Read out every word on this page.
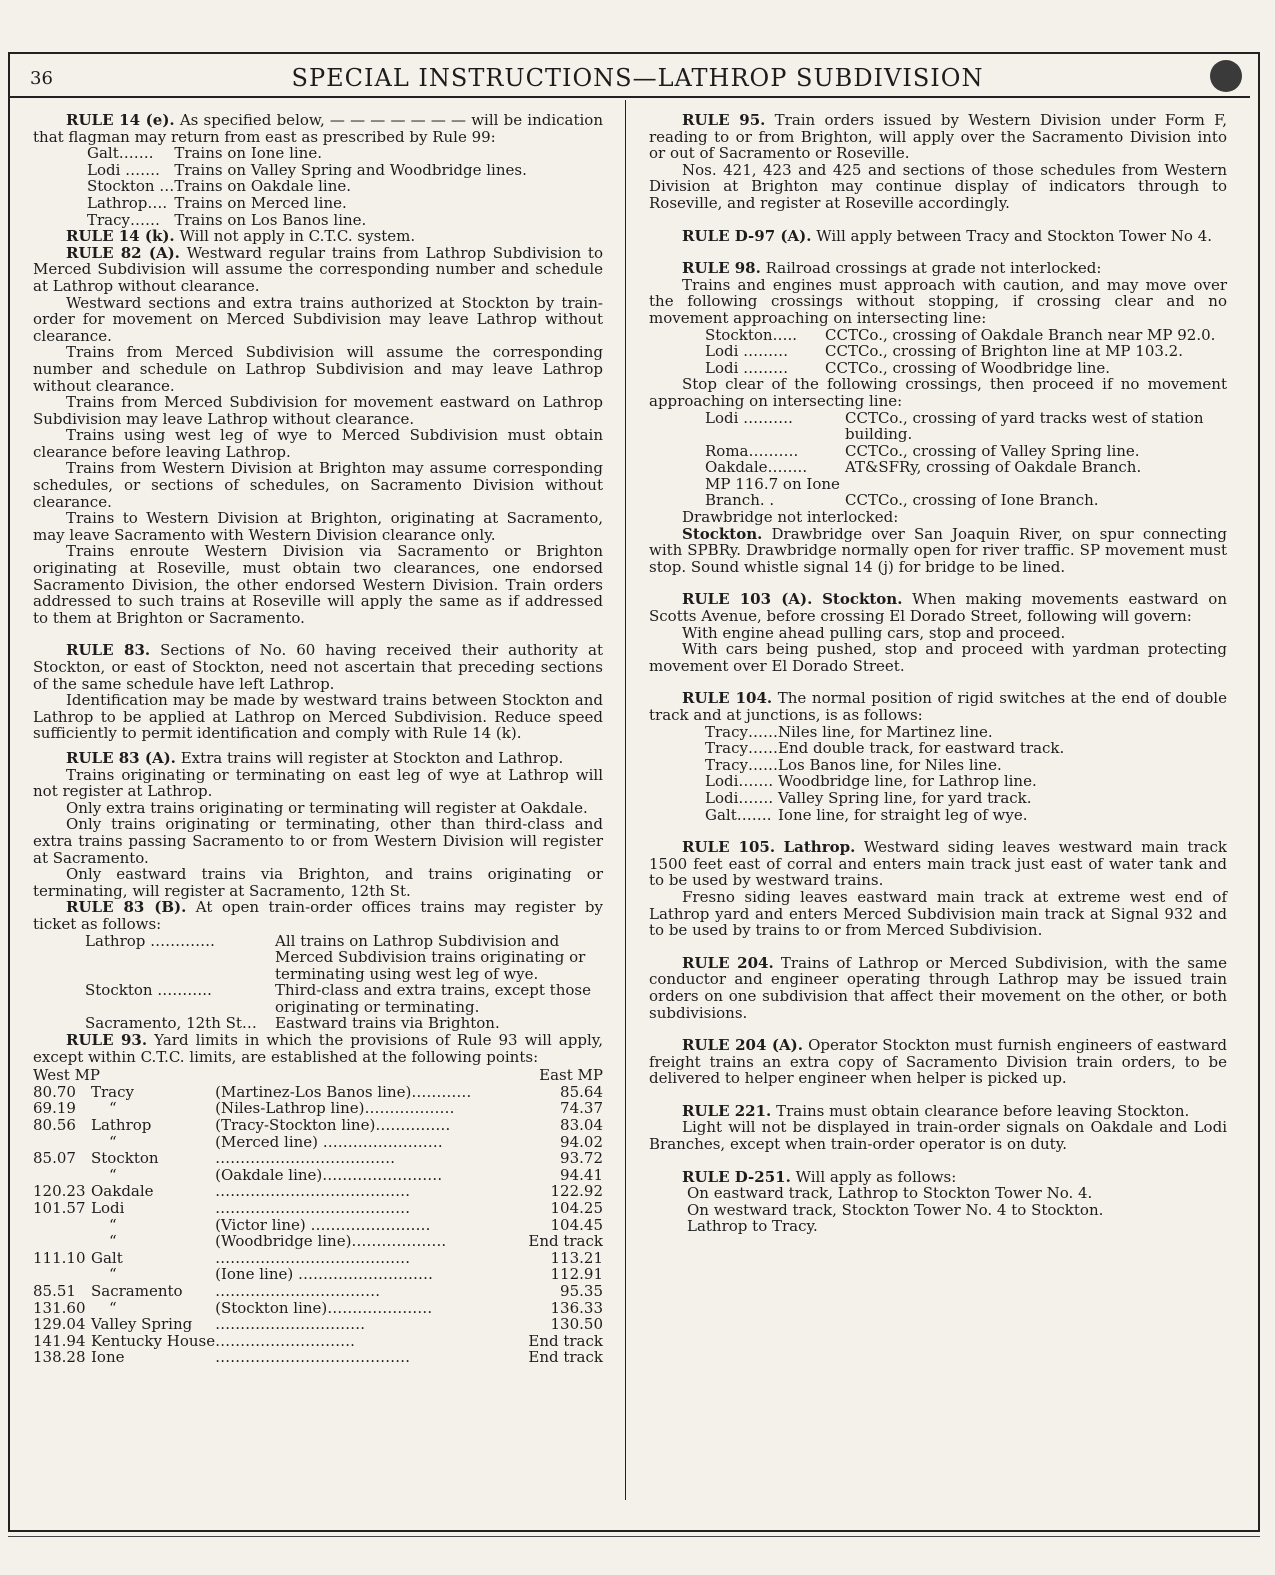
36	SPECIAL INSTRUCTIONS—LATHROP SUBDIVISION

RULE 14 (e). As specified below, — — — — — — — will be indication that flagman may return from east as prescribed by Rule 99:

Galt…….	Trains on Ione line.
Lodi …….	Trains on Valley Spring and Woodbridge lines.
Stockton …	Trains on Oakdale line.
Lathrop….	Trains on Merced line.
Tracy……	Trains on Los Banos line.

RULE 14 (k). Will not apply in C.T.C. system.

RULE 82 (A). Westward regular trains from Lathrop Subdivision to Merced Subdivision will assume the corresponding number and schedule at Lathrop without clearance.

Westward sections and extra trains authorized at Stockton by train-order for movement on Merced Subdivision may leave Lathrop without clearance.

Trains from Merced Subdivision will assume the corresponding number and schedule on Lathrop Subdivision and may leave Lathrop without clearance.

Trains from Merced Subdivision for movement eastward on Lathrop Subdivision may leave Lathrop without clearance.

Trains using west leg of wye to Merced Subdivision must obtain clearance before leaving Lathrop.

Trains from Western Division at Brighton may assume corresponding schedules, or sections of schedules, on Sacramento Division without clearance.

Trains to Western Division at Brighton, originating at Sacramento, may leave Sacramento with Western Division clearance only.

Trains enroute Western Division via Sacramento or Brighton originating at Roseville, must obtain two clearances, one endorsed Sacramento Division, the other endorsed Western Division. Train orders addressed to such trains at Roseville will apply the same as if addressed to them at Brighton or Sacramento.

RULE 83. Sections of No. 60 having received their authority at Stockton, or east of Stockton, need not ascertain that preceding sections of the same schedule have left Lathrop.

Identification may be made by westward trains between Stockton and Lathrop to be applied at Lathrop on Merced Subdivision. Reduce speed sufficiently to permit identification and comply with Rule 14 (k).

RULE 83 (A). Extra trains will register at Stockton and Lathrop.

Trains originating or terminating on east leg of wye at Lathrop will not register at Lathrop.

Only extra trains originating or terminating will register at Oakdale.

Only trains originating or terminating, other than third-class and extra trains passing Sacramento to or from Western Division will register at Sacramento.

Only eastward trains via Brighton, and trains originating or terminating, will register at Sacramento, 12th St.

RULE 83 (B). At open train-order offices trains may register by ticket as follows:

Lathrop ………….	All trains on Lathrop Subdivision and Merced Subdivision trains originating or terminating using west leg of wye.
Stockton ………..	Third-class and extra trains, except those originating or terminating.
Sacramento, 12th St…	Eastward trains via Brighton.

RULE 93. Yard limits in which the provisions of Rule 93 will apply, except within C.T.C. limits, are established at the following points:

West MP			East MP
80.70	Tracy	(Martinez-Los Banos line)…………	85.64
69.19	“	(Niles-Lathrop line)………………	74.37
80.56	Lathrop	(Tracy-Stockton line)……………	83.04
	“	(Merced line) ……………………	94.02
85.07	Stockton	………………………………	93.72
	“	(Oakdale line)……………………	94.41
120.23	Oakdale	…………………………………	122.92
101.57	Lodi	…………………………………	104.25
	“	(Victor line) ……………………	104.45
	“	(Woodbridge line)……………….	End track
111.10	Galt	…………………………………	113.21
	“	(Ione line) ………………………	112.91
85.51	Sacramento	……………………………	95.35
131.60	“	(Stockton line)…………………	136.33
129.04	Valley Spring	…………………………	130.50
141.94	Kentucky House	……………………….	End track
138.28	Ione	…………………………………	End track

RULE 95. Train orders issued by Western Division under Form F, reading to or from Brighton, will apply over the Sacramento Division into or out of Sacramento or Roseville.

Nos. 421, 423 and 425 and sections of those schedules from Western Division at Brighton may continue display of indicators through to Roseville, and register at Roseville accordingly.

RULE D-97 (A). Will apply between Tracy and Stockton Tower No 4.

RULE 98. Railroad crossings at grade not interlocked:

Trains and engines must approach with caution, and may move over the following crossings without stopping, if crossing clear and no movement approaching on intersecting line:

Stockton…..	CCTCo., crossing of Oakdale Branch near MP 92.0.
Lodi ………	CCTCo., crossing of Brighton line at MP 103.2.
Lodi ………	CCTCo., crossing of Woodbridge line.

Stop clear of the following crossings, then proceed if no movement approaching on intersecting line:

Lodi ……….	CCTCo., crossing of yard tracks west of station building.
Roma……….	CCTCo., crossing of Valley Spring line.
Oakdale……..	AT&SFRy, crossing of Oakdale Branch.
MP 116.7 on Ione Branch. .	CCTCo., crossing of Ione Branch.

Drawbridge not interlocked:

Stockton. Drawbridge over San Joaquin River, on spur connecting with SPBRy. Drawbridge normally open for river traffic. SP movement must stop. Sound whistle signal 14 (j) for bridge to be lined.

RULE 103 (A). Stockton. When making movements eastward on Scotts Avenue, before crossing El Dorado Street, following will govern:

With engine ahead pulling cars, stop and proceed.

With cars being pushed, stop and proceed with yardman protecting movement over El Dorado Street.

RULE 104. The normal position of rigid switches at the end of double track and at junctions, is as follows:

Tracy……	Niles line, for Martinez line.
Tracy……	End double track, for eastward track.
Tracy……	Los Banos line, for Niles line.
Lodi…….	Woodbridge line, for Lathrop line.
Lodi…….	Valley Spring line, for yard track.
Galt…….	Ione line, for straight leg of wye.

RULE 105. Lathrop. Westward siding leaves westward main track 1500 feet east of corral and enters main track just east of water tank and to be used by westward trains.

Fresno siding leaves eastward main track at extreme west end of Lathrop yard and enters Merced Subdivision main track at Signal 932 and to be used by trains to or from Merced Subdivision.

RULE 204. Trains of Lathrop or Merced Subdivision, with the same conductor and engineer operating through Lathrop may be issued train orders on one subdivision that affect their movement on the other, or both subdivisions.

RULE 204 (A). Operator Stockton must furnish engineers of eastward freight trains an extra copy of Sacramento Division train orders, to be delivered to helper engineer when helper is picked up.

RULE 221. Trains must obtain clearance before leaving Stockton.

Light will not be displayed in train-order signals on Oakdale and Lodi Branches, except when train-order operator is on duty.

RULE D-251. Will apply as follows:

On eastward track, Lathrop to Stockton Tower No. 4.

On westward track, Stockton Tower No. 4 to Stockton.

Lathrop to Tracy.
